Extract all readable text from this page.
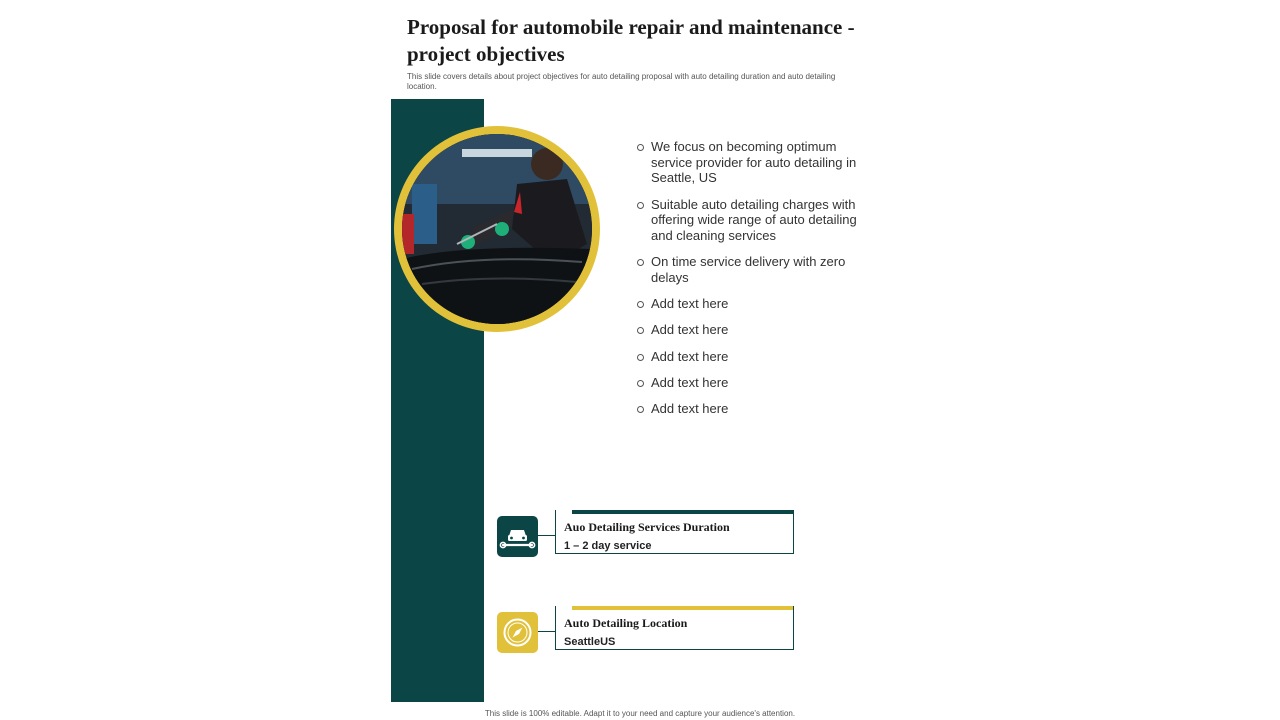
Proposal for automobile repair and maintenance - project objectives

This slide covers details about project objectives for auto detailing proposal with auto detailing duration and auto detailing location.

We focus on becoming optimum service provider for auto detailing in Seattle, US
Suitable auto detailing charges with offering wide range of auto detailing and cleaning services
On time service delivery with zero delays
Add text here
Add text here
Add text here
Add text here
Add text here
Auo Detailing Services Duration
1 – 2 day service
Auto Detailing Location
SeattleUS
This slide is 100% editable. Adapt it to your need and capture your audience's attention.
